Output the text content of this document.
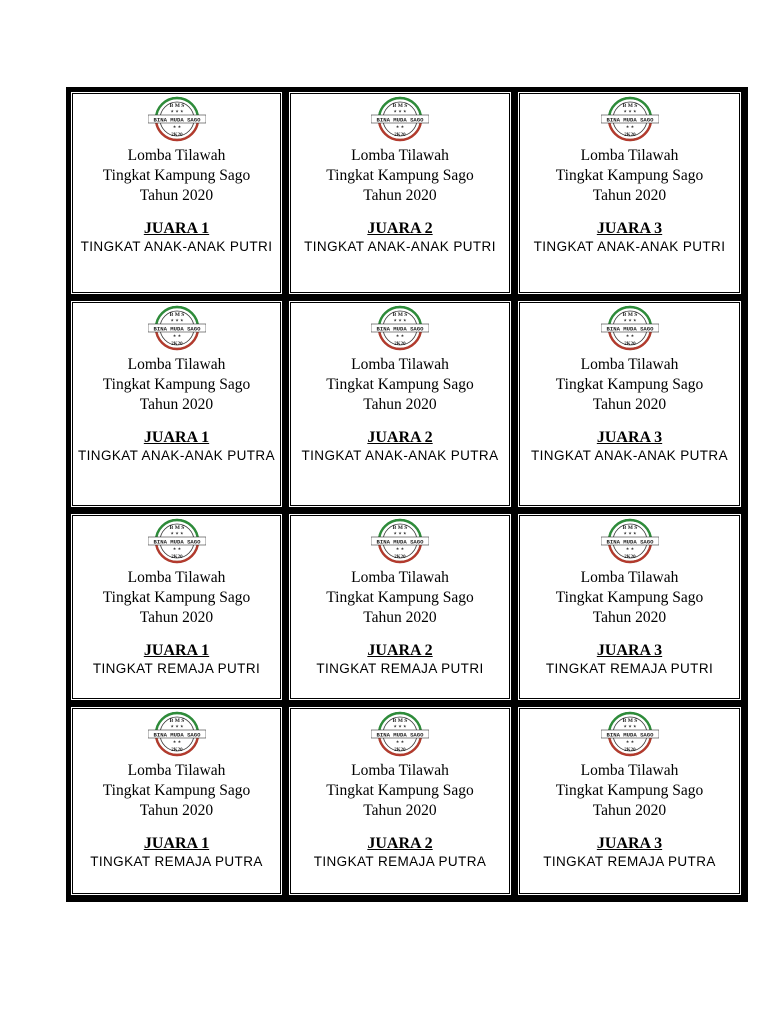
B M S
★ ★ ★
BINA MUDA SAGO
★ ★
2K20
Lomba Tilawah
Tingkat Kampung Sago
Tahun 2020
JUARA 1
TINGKAT ANAK-ANAK PUTRI
B M S
★ ★ ★
BINA MUDA SAGO
★ ★
2K20
Lomba Tilawah
Tingkat Kampung Sago
Tahun 2020
JUARA 2
TINGKAT ANAK-ANAK PUTRI
B M S
★ ★ ★
BINA MUDA SAGO
★ ★
2K20
Lomba Tilawah
Tingkat Kampung Sago
Tahun 2020
JUARA 3
TINGKAT ANAK-ANAK PUTRI
B M S
★ ★ ★
BINA MUDA SAGO
★ ★
2K20
Lomba Tilawah
Tingkat Kampung Sago
Tahun 2020
JUARA 1
TINGKAT ANAK-ANAK PUTRA
B M S
★ ★ ★
BINA MUDA SAGO
★ ★
2K20
Lomba Tilawah
Tingkat Kampung Sago
Tahun 2020
JUARA 2
TINGKAT ANAK-ANAK PUTRA
B M S
★ ★ ★
BINA MUDA SAGO
★ ★
2K20
Lomba Tilawah
Tingkat Kampung Sago
Tahun 2020
JUARA 3
TINGKAT ANAK-ANAK PUTRA
B M S
★ ★ ★
BINA MUDA SAGO
★ ★
2K20
Lomba Tilawah
Tingkat Kampung Sago
Tahun 2020
JUARA 1
TINGKAT REMAJA PUTRI
B M S
★ ★ ★
BINA MUDA SAGO
★ ★
2K20
Lomba Tilawah
Tingkat Kampung Sago
Tahun 2020
JUARA 2
TINGKAT REMAJA PUTRI
B M S
★ ★ ★
BINA MUDA SAGO
★ ★
2K20
Lomba Tilawah
Tingkat Kampung Sago
Tahun 2020
JUARA 3
TINGKAT REMAJA PUTRI
B M S
★ ★ ★
BINA MUDA SAGO
★ ★
2K20
Lomba Tilawah
Tingkat Kampung Sago
Tahun 2020
JUARA 1
TINGKAT REMAJA PUTRA
B M S
★ ★ ★
BINA MUDA SAGO
★ ★
2K20
Lomba Tilawah
Tingkat Kampung Sago
Tahun 2020
JUARA 2
TINGKAT REMAJA PUTRA
B M S
★ ★ ★
BINA MUDA SAGO
★ ★
2K20
Lomba Tilawah
Tingkat Kampung Sago
Tahun 2020
JUARA 3
TINGKAT REMAJA PUTRA
